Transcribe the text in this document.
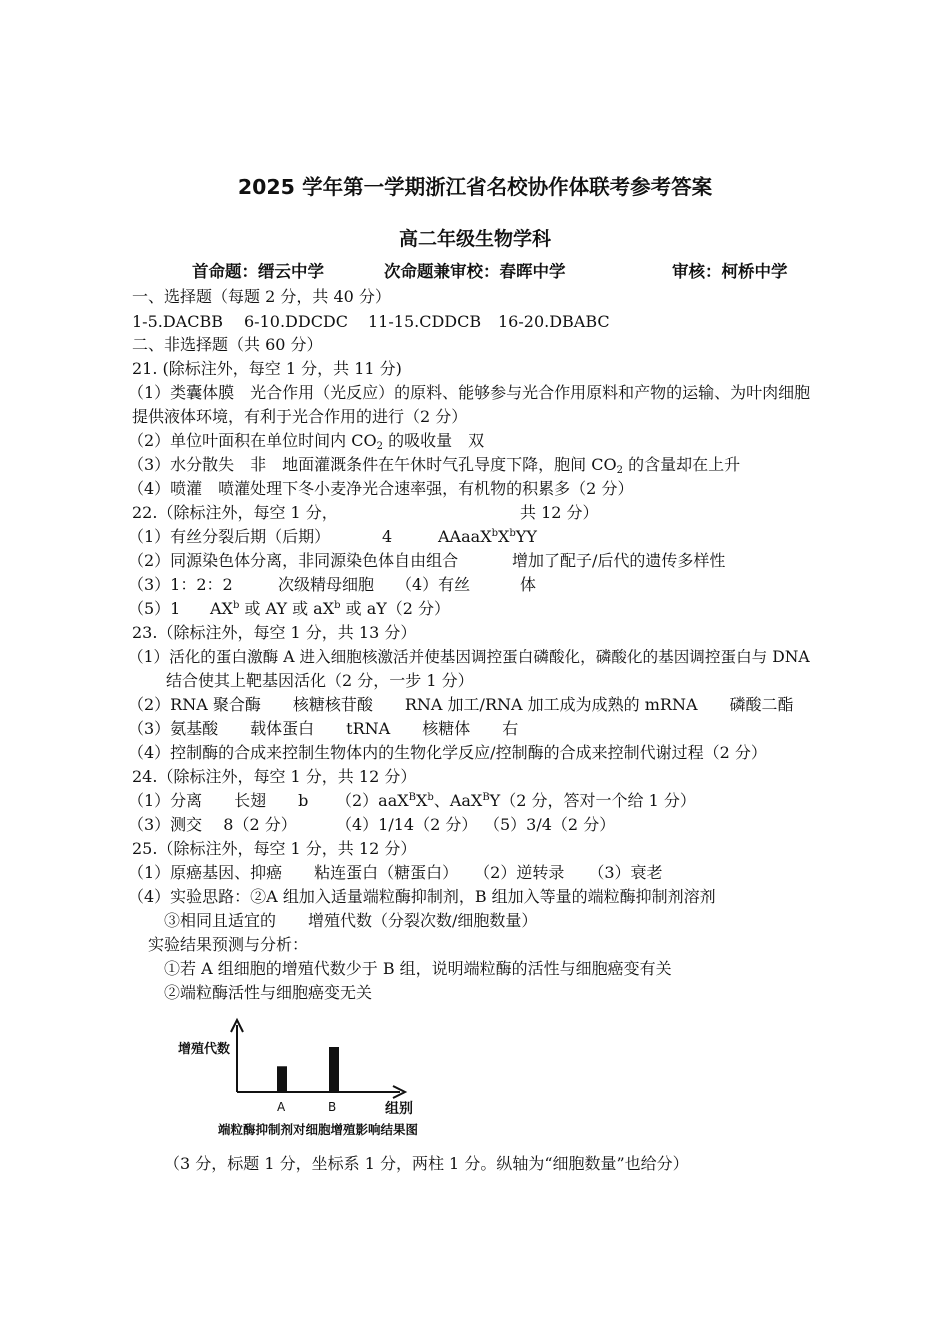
2025 学年第一学期浙江省名校协作体联考参考答案
高二年级生物学科
首命题：缙云中学	次命题兼审校：春晖中学	审核：柯桥中学
一、选择题（每题 2 分，共 40 分）
1-5.DACBB 6-10.DDCDC 11-15.CDDCB 16-20.DBABC
二、非选择题（共 60 分）
21. (除标注外，每空 1 分，共 11 分)
（1）类囊体膜　光合作用（光反应）的原料、能够参与光合作用原料和产物的运输、为叶肉细胞
提供液体环境，有利于光合作用的进行（2 分）
（2）单位叶面积在单位时间内 $CO_2$ 的吸收量　双
（3）水分散失　非　地面灌溉条件在午休时气孔导度下降，胞间 $CO_2$ 的含量却在上升
（4）喷灌　喷灌处理下冬小麦净光合速率强，有机物的积累多（2 分）
22.（除标注外，每空 1 分，	共 12 分）
（1）有丝分裂后期（后期）	4	$AAaaX^bX^bYY$
（2）同源染色体分离，非同源染色体自由组合	增加了配子/后代的遗传多样性
（3）1：2：2	次级精母细胞 （4）有丝	体
（5）1 $AX^b$ 或 AY 或 $aX^b$ 或 aY（2 分）
23.（除标注外，每空 1 分，共 13 分）
（1）活化的蛋白激酶 A 进入细胞核激活并使基因调控蛋白磷酸化，磷酸化的基因调控蛋白与 DNA
结合使其上靶基因活化（2 分，一步 1 分）
（2）RNA 聚合酶　　核糖核苷酸　　RNA 加工/RNA 加工成为成熟的 mRNA　　磷酸二酯
（3）氨基酸　　载体蛋白　　tRNA　　核糖体　　右
（4）控制酶的合成来控制生物体内的生物化学反应/控制酶的合成来控制代谢过程（2 分）
24.（除标注外，每空 1 分，共 12 分）
（1）分离　　长翅　　b $(2)aaX^BX^b$、AaX$^B$Y（2 分，答对一个给 1 分）
（3）测交　 8（2 分） （4）1/14（2 分） （5）3/4（2 分）
25.（除标注外，每空 1 分，共 12 分）
（1）原癌基因、抑癌　　粘连蛋白（糖蛋白）　　（2）逆转录　　（3）衰老
（4）实验思路：②A 组加入适量端粒酶抑制剂，B 组加入等量的端粒酶抑制剂溶剂
③相同且适宜的　　增殖代数（分裂次数/细胞数量）
实验结果预测与分析：
①若 A 组细胞的增殖代数少于 B 组，说明端粒酶的活性与细胞癌变有关
②端粒酶活性与细胞癌变无关
增殖代数
A	B	组别
端粒酶抑制剂对细胞增殖影响结果图
（3 分，标题 1 分，坐标系 1 分，两柱 1 分。纵轴为“细胞数量”也给分）
